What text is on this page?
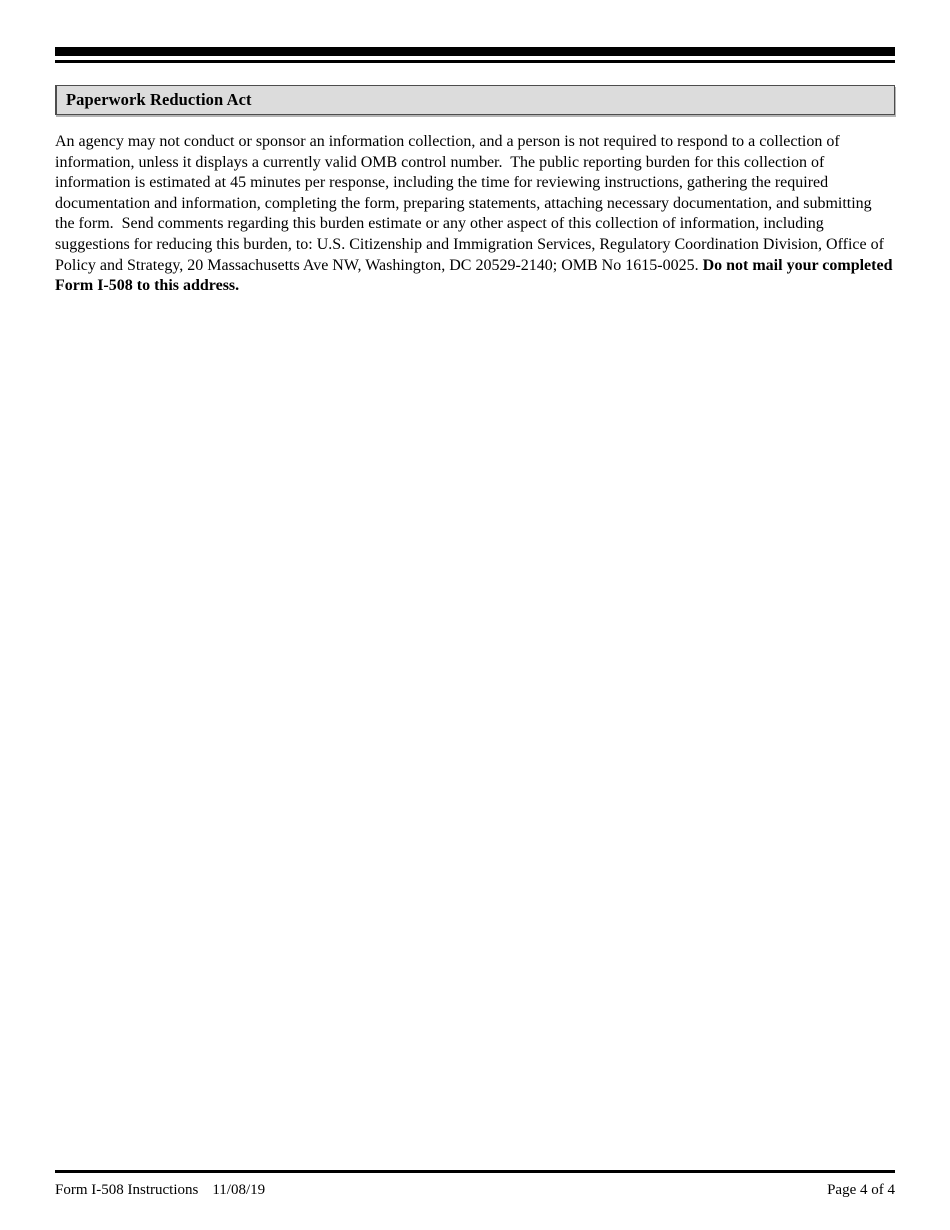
Paperwork Reduction Act

An agency may not conduct or sponsor an information collection, and a person is not required to respond to a collection of information, unless it displays a currently valid OMB control number.  The public reporting burden for this collection of information is estimated at 45 minutes per response, including the time for reviewing instructions, gathering the required documentation and information, completing the form, preparing statements, attaching necessary documentation, and submitting the form.  Send comments regarding this burden estimate or any other aspect of this collection of information, including suggestions for reducing this burden, to: U.S. Citizenship and Immigration Services, Regulatory Coordination Division, Office of Policy and Strategy, 20 Massachusetts Ave NW, Washington, DC 20529-2140; OMB No 1615-0025. Do not mail your completed Form I-508 to this address.

Form I-508 Instructions 11/08/19	Page 4 of 4
